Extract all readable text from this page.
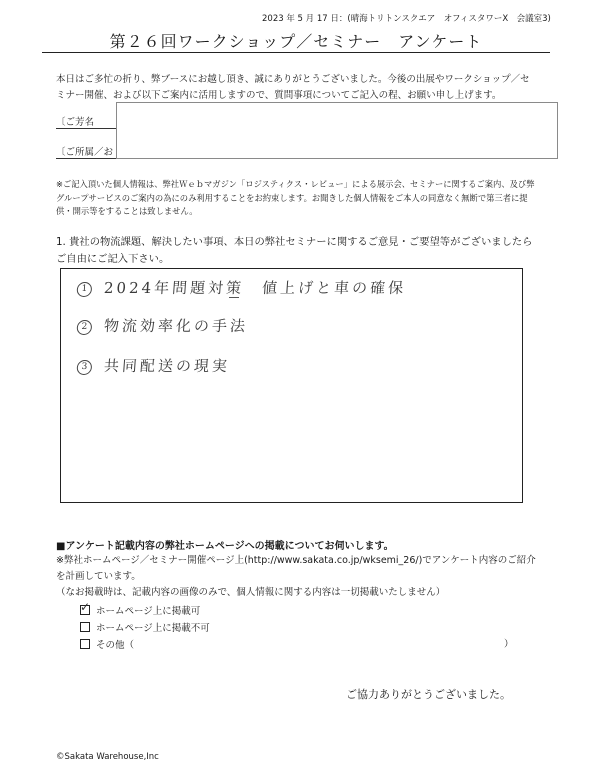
2023 年 5 月 17 日：(晴海トリトンスクエア　オフィスタワーX　会議室3)
第２６回ワークショップ／セミナー　アンケート
本日はご多忙の折り、弊ブースにお越し頂き、誠にありがとうございました。今後の出展やワークショップ／セミナー開催、および以下ご案内に活用しますので、質問事項についてご記入の程、お願い申し上げます。
〔ご芳名
〔ご所属／お
※ご記入頂いた個人情報は、弊社Ｗｅｂマガジン「ロジスティクス・レビュー」による展示会、セミナーに関するご案内、及び弊グループサービスのご案内の為にのみ利用することをお約束します。お聞きした個人情報をご本人の同意なく無断で第三者に提供・開示等をすることは致しません。
1. 貴社の物流課題、解決したい事項、本日の弊社セミナーに関するご意見・ご要望等がございましたらご自由にご記入下さい。
1 2024年問題対策　値上げと車の確保
2 物流効率化の手法
3 共同配送の現実
■アンケート記載内容の弊社ホームページへの掲載についてお伺いします。
※弊社ホームページ／セミナー開催ページ上(http://www.sakata.co.jp/wksemi_26/)でアンケート内容のご紹介を計画しています。
（なお掲載時は、記載内容の画像のみで、個人情報に関する内容は一切掲載いたしません）
✓ ホームページ上に掲載可
ホームページ上に掲載不可
その他（	）
ご協力ありがとうございました。
©Sakata Warehouse,Inc
